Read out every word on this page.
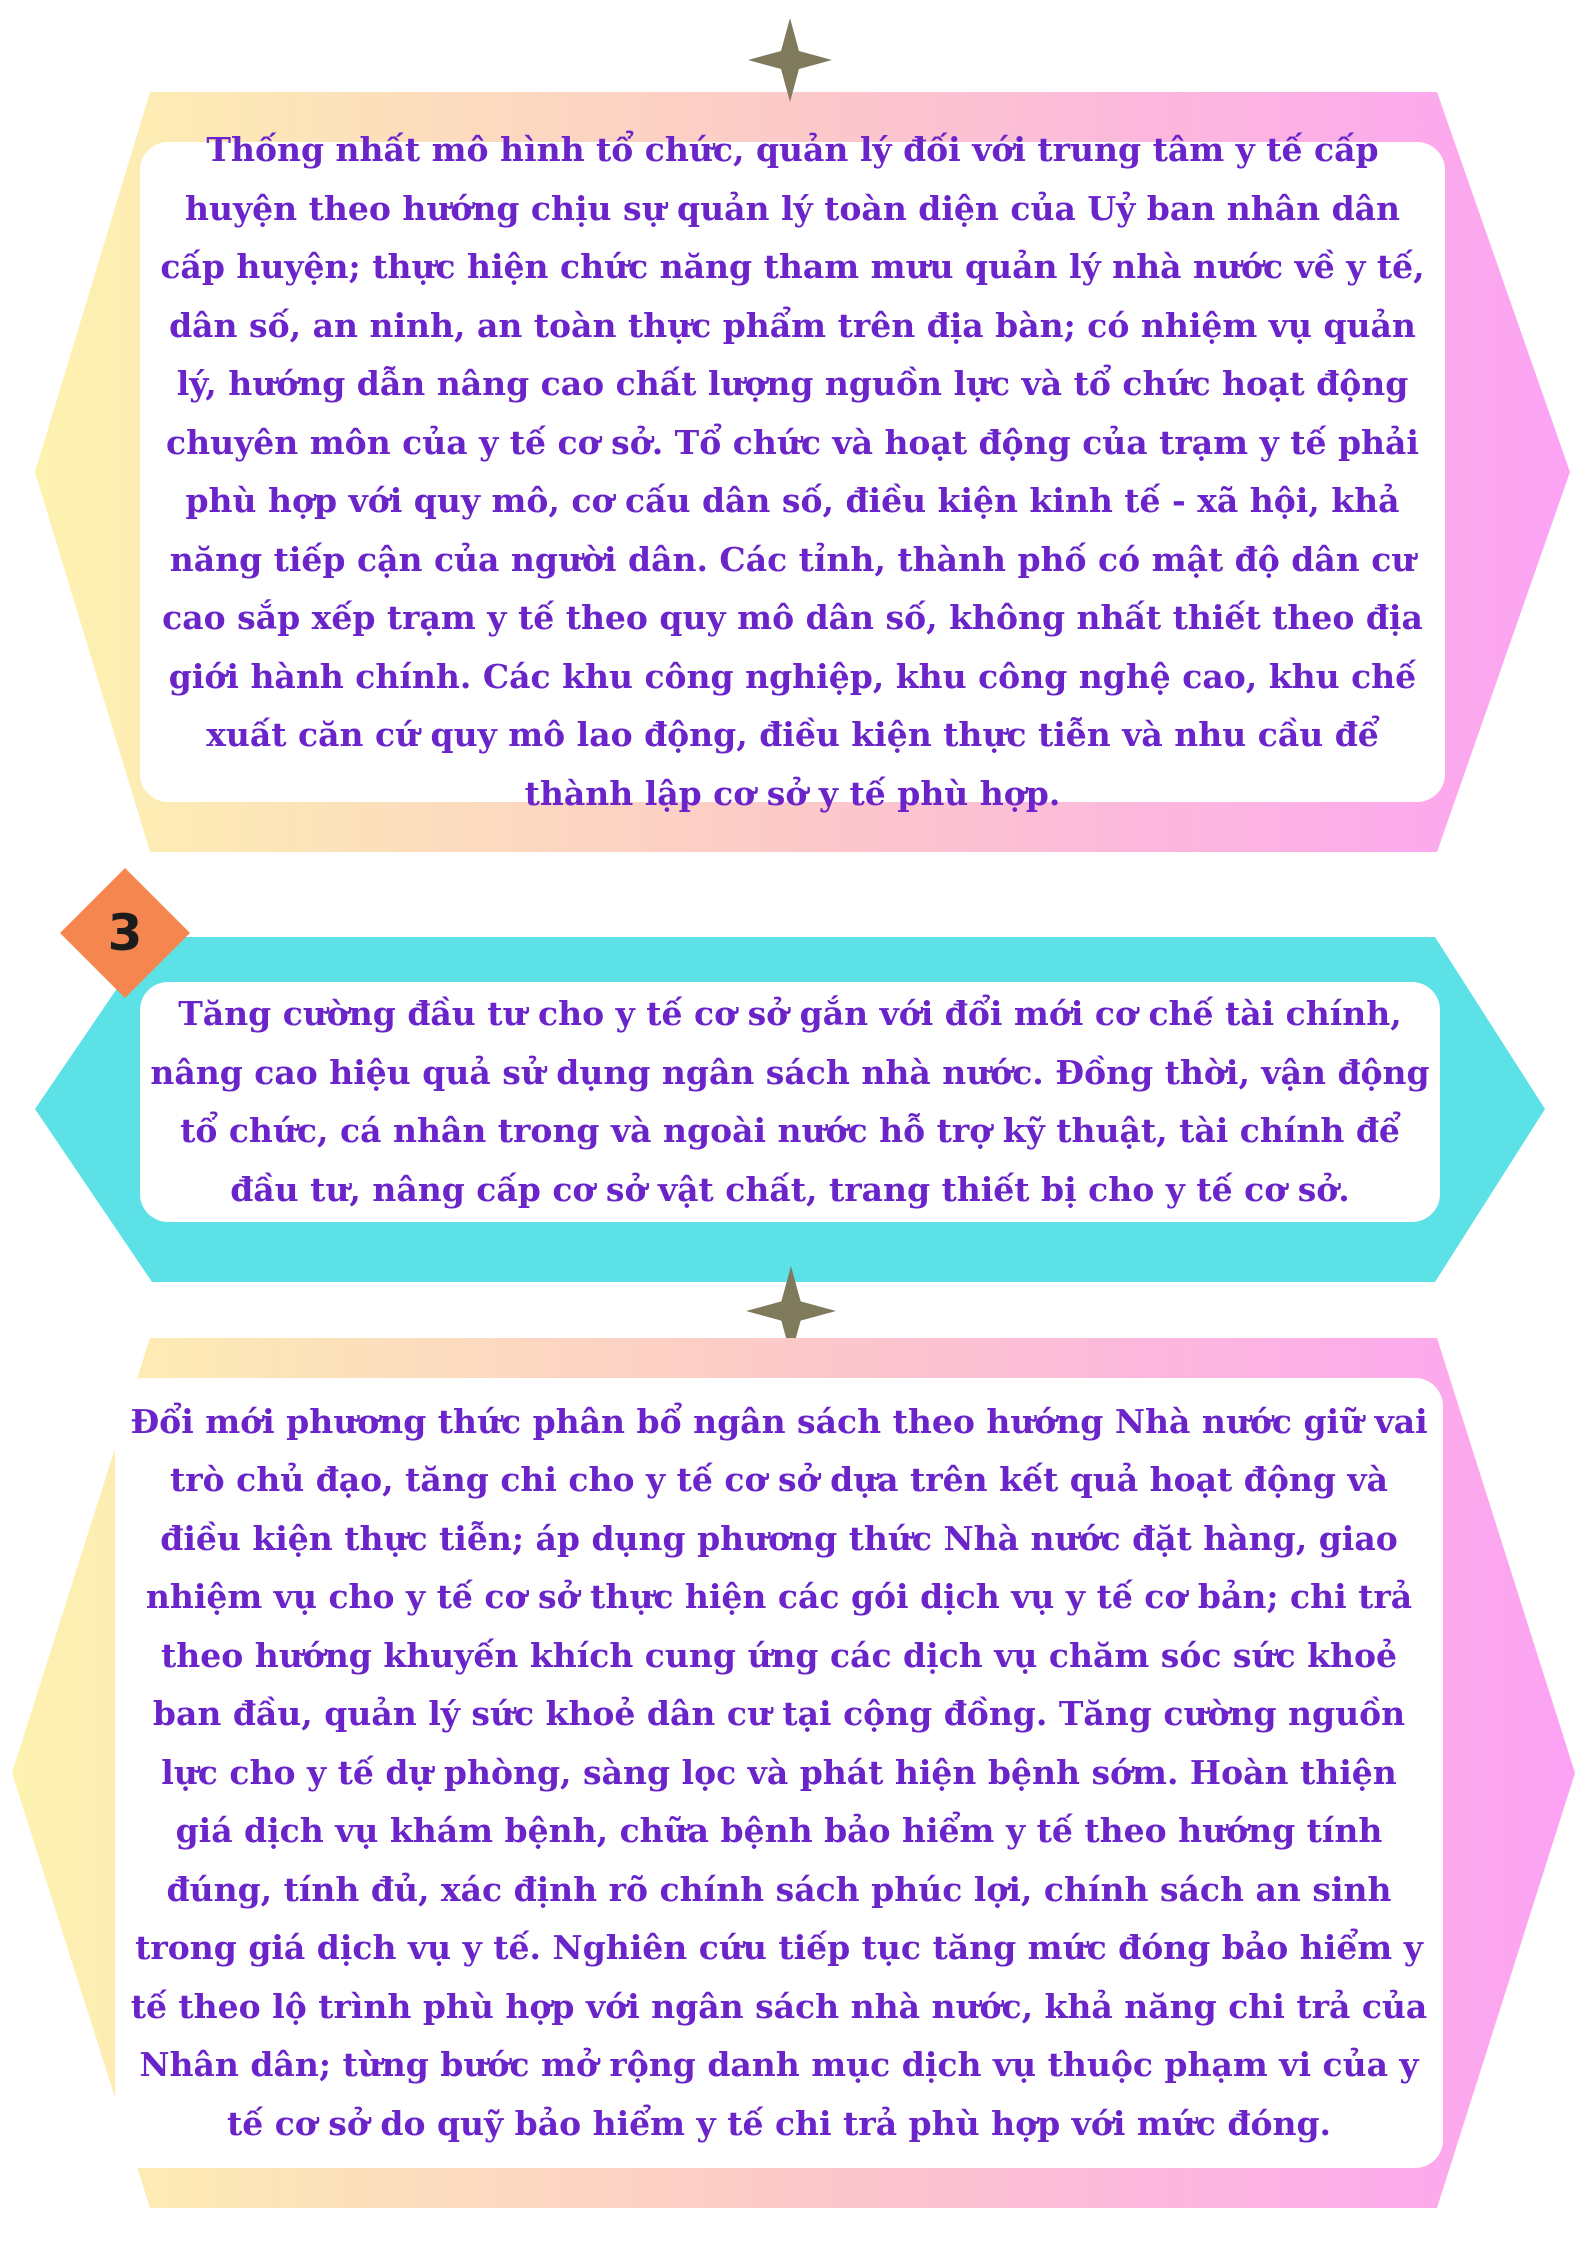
Thống nhất mô hình tổ chức, quản lý đối với trung tâm y tế cấp huyện theo hướng chịu sự quản lý toàn diện của Uỷ ban nhân dân cấp huyện; thực hiện chức năng tham mưu quản lý nhà nước về y tế, dân số, an ninh, an toàn thực phẩm trên địa bàn; có nhiệm vụ quản lý, hướng dẫn nâng cao chất lượng nguồn lực và tổ chức hoạt động chuyên môn của y tế cơ sở. Tổ chức và hoạt động của trạm y tế phải phù hợp với quy mô, cơ cấu dân số, điều kiện kinh tế - xã hội, khả năng tiếp cận của người dân. Các tỉnh, thành phố có mật độ dân cư cao sắp xếp trạm y tế theo quy mô dân số, không nhất thiết theo địa giới hành chính. Các khu công nghiệp, khu công nghệ cao, khu chế xuất căn cứ quy mô lao động, điều kiện thực tiễn và nhu cầu để thành lập cơ sở y tế phù hợp.

3

Tăng cường đầu tư cho y tế cơ sở gắn với đổi mới cơ chế tài chính, nâng cao hiệu quả sử dụng ngân sách nhà nước. Đồng thời, vận động tổ chức, cá nhân trong và ngoài nước hỗ trợ kỹ thuật, tài chính để đầu tư, nâng cấp cơ sở vật chất, trang thiết bị cho y tế cơ sở.

Đổi mới phương thức phân bổ ngân sách theo hướng Nhà nước giữ vai trò chủ đạo, tăng chi cho y tế cơ sở dựa trên kết quả hoạt động và điều kiện thực tiễn; áp dụng phương thức Nhà nước đặt hàng, giao nhiệm vụ cho y tế cơ sở thực hiện các gói dịch vụ y tế cơ bản; chi trả theo hướng khuyến khích cung ứng các dịch vụ chăm sóc sức khoẻ ban đầu, quản lý sức khoẻ dân cư tại cộng đồng. Tăng cường nguồn lực cho y tế dự phòng, sàng lọc và phát hiện bệnh sớm. Hoàn thiện giá dịch vụ khám bệnh, chữa bệnh bảo hiểm y tế theo hướng tính đúng, tính đủ, xác định rõ chính sách phúc lợi, chính sách an sinh trong giá dịch vụ y tế. Nghiên cứu tiếp tục tăng mức đóng bảo hiểm y tế theo lộ trình phù hợp với ngân sách nhà nước, khả năng chi trả của Nhân dân; từng bước mở rộng danh mục dịch vụ thuộc phạm vi của y tế cơ sở do quỹ bảo hiểm y tế chi trả phù hợp với mức đóng.
